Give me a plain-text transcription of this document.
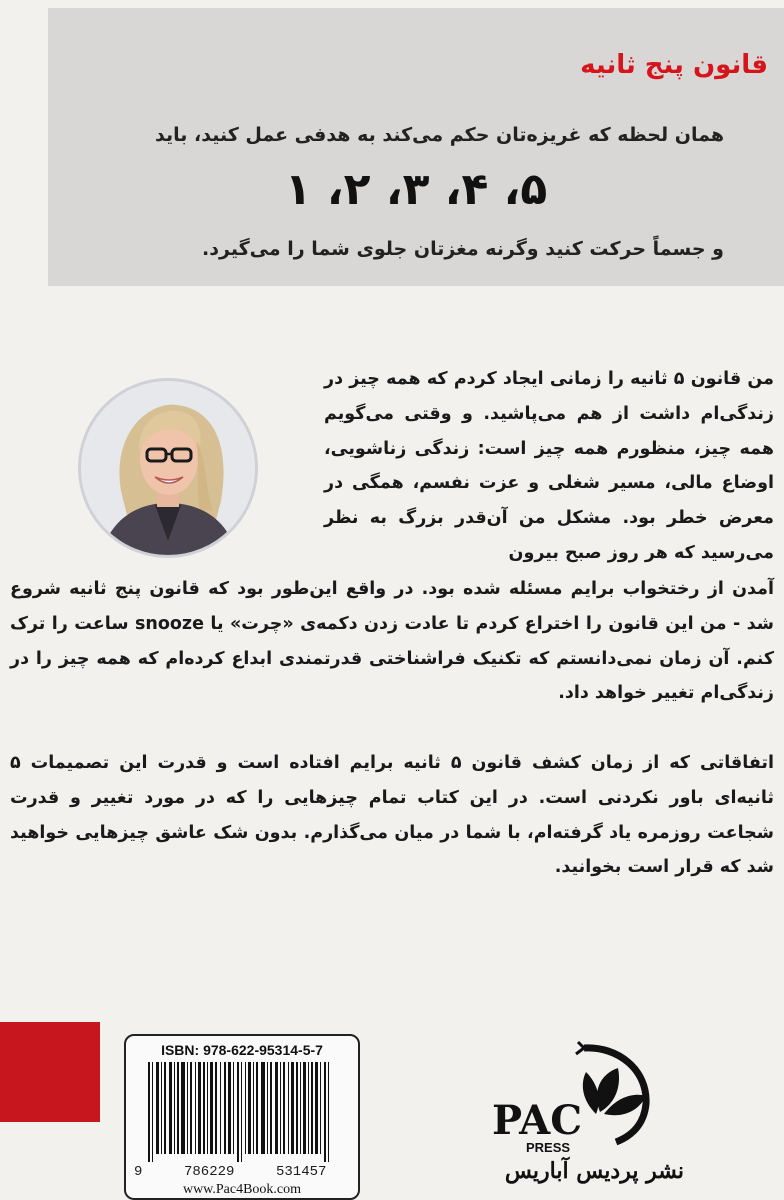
قانون پنج ثانیه

همان لحظه که غریزه‌تان حکم می‌کند به هدفی عمل کنید، باید

۵، ۴، ۳، ۲، ۱

و جسماً حرکت کنید وگرنه مغزتان جلوی شما را می‌گیرد.

من قانون ۵ ثانیه را زمانی ایجاد کردم که همه چیز در زندگی‌ام داشت از هم می‌پاشید. و وقتی می‌گویم همه چیز، منظورم همه چیز است: زندگی زناشویی، اوضاع مالی، مسیر شغلی و عزت نفسم، همگی در معرض خطر بود. مشکل من آن‌قدر بزرگ به نظر می‌رسید که هر روز صبح بیرون

آمدن از رختخواب برایم مسئله شده بود. در واقع این‌طور بود که قانون پنج ثانیه شروع شد - من این قانون را اختراع کردم تا عادت زدن دکمه‌ی «چرت» یا snooze ساعت را ترک کنم. آن زمان نمی‌دانستم که تکنیک فراشناختی قدرتمندی ابداع کرده‌ام که همه چیز را در زندگی‌ام تغییر خواهد داد.

اتفاقاتی که از زمان کشف قانون ۵ ثانیه برایم افتاده است و قدرت این تصمیمات ۵ ثانیه‌ای باور نکردنی است. در این کتاب تمام چیزهایی را که در مورد تغییر و قدرت شجاعت روزمره یاد گرفته‌ام، با شما در میان می‌گذارم. بدون شک عاشق چیزهایی خواهید شد که قرار است بخوانید.

ISBN: 978-622-95314-5-7
9	786229	531457
www.Pac4Book.com
PAC
PRESS

نشر پردیس آباریس
